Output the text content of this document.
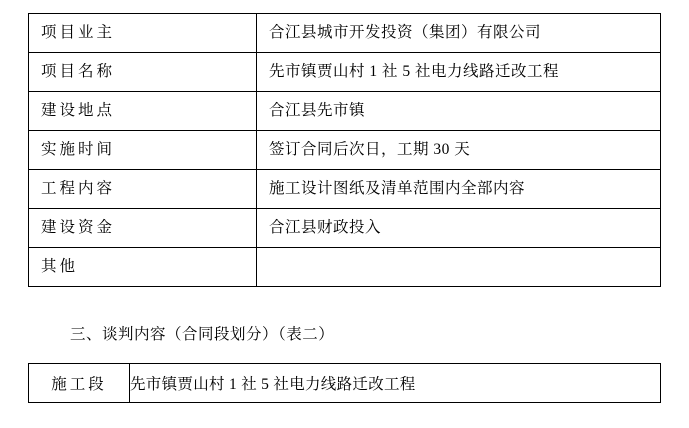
项目业主	合江县城市开发投资（集团）有限公司
项目名称	先市镇贾山村 1 社 5 社电力线路迁改工程
建设地点	合江县先市镇
实施时间	签订合同后次日，工期 30 天
工程内容	施工设计图纸及清单范围内全部内容
建设资金	合江县财政投入
其他	
三、谈判内容（合同段划分）（表二）
施工段	先市镇贾山村 1 社 5 社电力线路迁改工程
